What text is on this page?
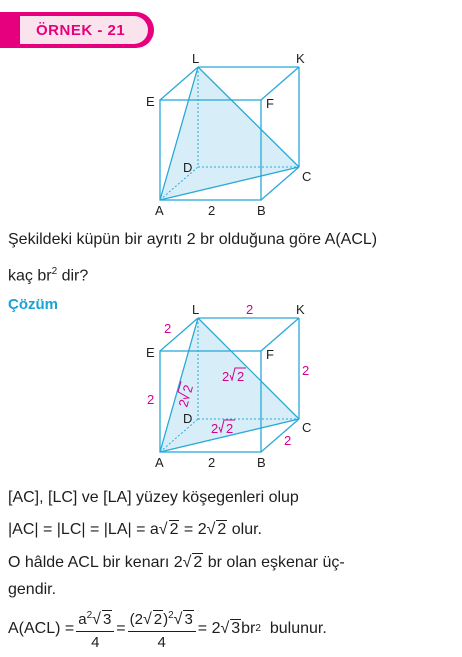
ÖRNEK - 21
L	K
E	F
D
C
A	B
2
Şekildeki küpün bir ayrıtı 2 br olduğuna göre A(ACL)
kaç $br^2$ dir?
Çözüm	L	K
E	F
D
C
A	B
2
2
2
2
2
2
2 2
2 2
2
2
[AC], [LC] ve [LA] yüzey köşegenleri olup
|AC| = |LC| = |LA| = a√ 2 = 2√ 2 olur.
O hâlde ACL bir kenarı 2√ 2 br olan eşkenar üç-
gendir.
$A(ACL) = \frac{a^2√ 3}{4} = \frac{(2√ 2)^2√ 3}{4} = 2$ √ 3 br 2 bulunur.
